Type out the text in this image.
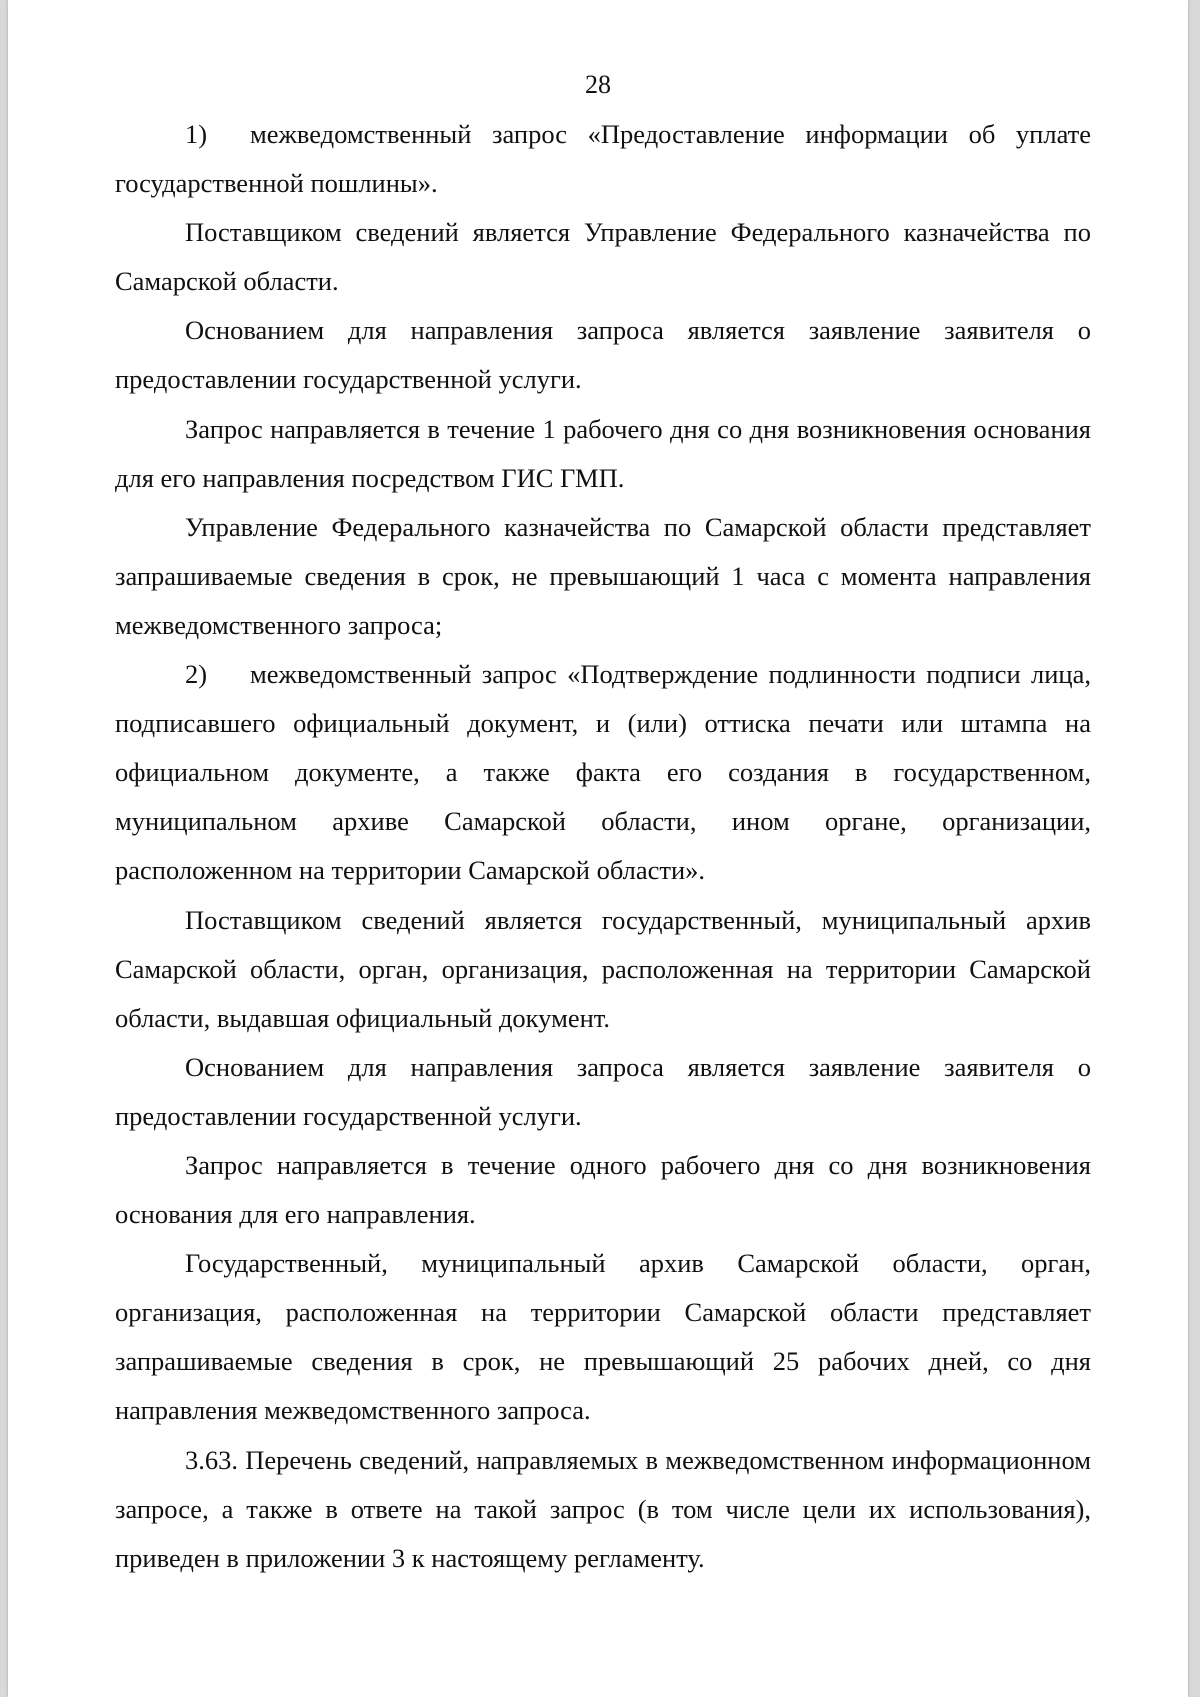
28

1) межведомственный запрос «Предоставление информации об уплате государственной пошлины».

Поставщиком сведений является Управление Федерального казначейства по Самарской области.

Основанием для направления запроса является заявление заявителя о предоставлении государственной услуги.

Запрос направляется в течение 1 рабочего дня со дня возникновения основания для его направления посредством ГИС ГМП.

Управление Федерального казначейства по Самарской области представляет запрашиваемые сведения в срок, не превышающий 1 часа с момента направления межведомственного запроса;

2) межведомственный запрос «Подтверждение подлинности подписи лица, подписавшего официальный документ, и (или) оттиска печати или штампа на официальном документе, а также факта его создания в государственном, муниципальном архиве Самарской области, ином органе, организации, расположенном на территории Самарской области».

Поставщиком сведений является государственный, муниципальный архив Самарской области, орган, организация, расположенная на территории Самарской области, выдавшая официальный документ.

Основанием для направления запроса является заявление заявителя о предоставлении государственной услуги.

Запрос направляется в течение одного рабочего дня со дня возникновения основания для его направления.

Государственный, муниципальный архив Самарской области, орган, организация, расположенная на территории Самарской области представляет запрашиваемые сведения в срок, не превышающий 25 рабочих дней, со дня направления межведомственного запроса.

3.63. Перечень сведений, направляемых в межведомственном информационном запросе, а также в ответе на такой запрос (в том числе цели их использования), приведен в приложении 3 к настоящему регламенту.
